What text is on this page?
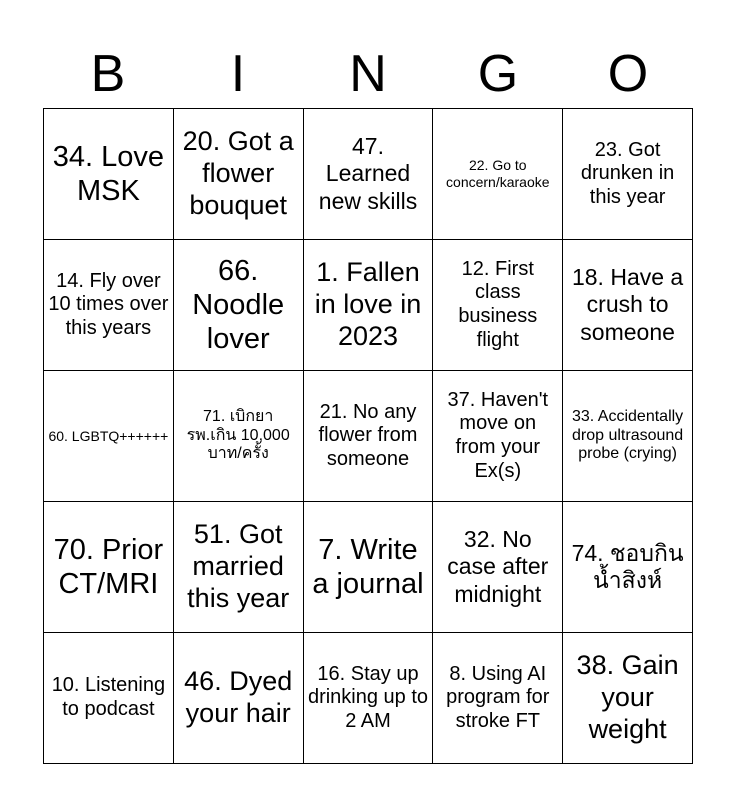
B	I	N	G	O
34. Love MSK	20. Got a flower bouquet	47. Learned new skills	22. Go to concern/karaoke	23. Got drunken in this year
14. Fly over 10 times over this years	66. Noodle lover	1. Fallen in love in 2023	12. First class business flight	18. Have a crush to someone
60. LGBTQ++++++	71. เบิกยา รพ.เกิน 10,000 บาท/ครั้ง	21. No any flower from someone	37. Haven't move on from your Ex(s)	33. Accidentally drop ultrasound probe (crying)
70. Prior CT/MRI	51. Got married this year	7. Write a journal	32. No case after midnight	74. ชอบกินน้ำสิงห์
10. Listening to podcast	46. Dyed your hair	16. Stay up drinking up to 2 AM	8. Using AI program for stroke FT	38. Gain your weight
